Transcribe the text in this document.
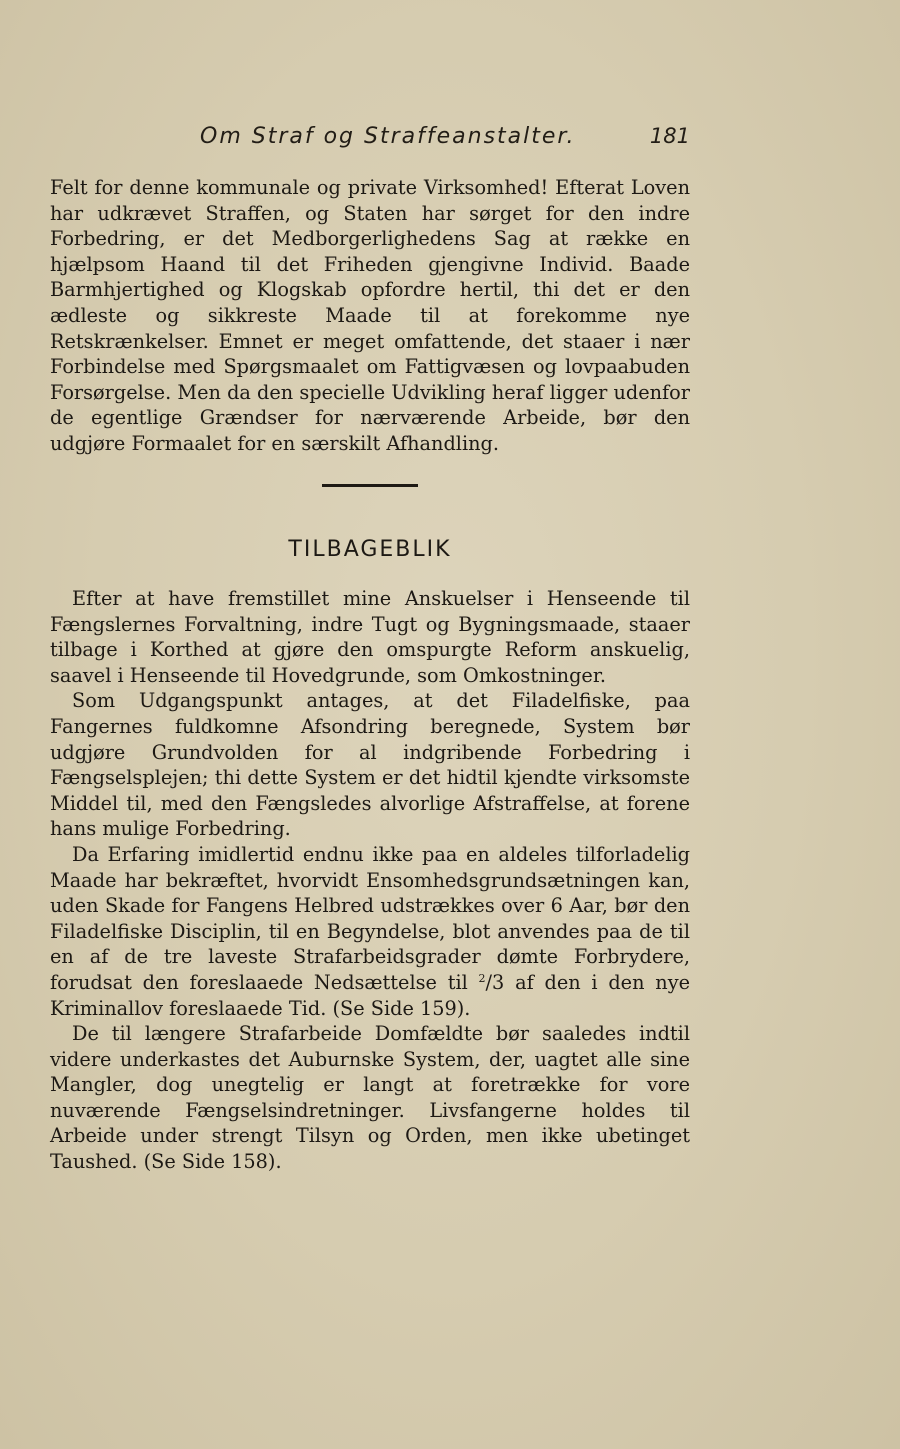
Om Straf og Straffeanstalter.	181

Felt for denne kommunale og private Virksomhed! Efterat Loven har udkrævet Straffen, og Staten har sørget for den indre Forbedring, er det Medborgerlighedens Sag at række en hjælpsom Haand til det Friheden gjengivne Individ. Baade Barmhjertighed og Klogskab opfordre hertil, thi det er den ædleste og sikkreste Maade til at forekomme nye Retskrænkelser. Emnet er meget omfattende, det staaer i nær Forbindelse med Spørgsmaalet om Fattigvæsen og lovpaabuden Forsørgelse. Men da den specielle Udvikling heraf ligger udenfor de egentlige Grændser for nærværende Arbeide, bør den udgjøre Formaalet for en særskilt Afhandling.

TILBAGEBLIK

Efter at have fremstillet mine Anskuelser i Henseende til Fængslernes Forvaltning, indre Tugt og Bygningsmaade, staaer tilbage i Korthed at gjøre den omspurgte Reform anskuelig, saavel i Henseende til Hovedgrunde, som Omkostninger.

Som Udgangspunkt antages, at det Filadelfiske, paa Fangernes fuldkomne Afsondring beregnede, System bør udgjøre Grundvolden for al indgribende Forbedring i Fængselsplejen; thi dette System er det hidtil kjendte virksomste Middel til, med den Fængsledes alvorlige Afstraffelse, at forene hans mulige Forbedring.

Da Erfaring imidlertid endnu ikke paa en aldeles tilforladelig Maade har bekræftet, hvorvidt Ensomhedsgrundsætningen kan, uden Skade for Fangens Helbred udstrækkes over 6 Aar, bør den Filadelfiske Disciplin, til en Begyndelse, blot anvendes paa de til en af de tre laveste Strafarbeidsgrader dømte Forbrydere, forudsat den foreslaaede Nedsættelse til $^2$/3 af den i den nye Kriminallov foreslaaede Tid. (Se Side 159).

De til længere Strafarbeide Domfældte bør saaledes indtil videre underkastes det Auburnske System, der, uagtet alle sine Mangler, dog unegtelig er langt at foretrække for vore nuværende Fængselsindretninger. Livsfangerne holdes til Arbeide under strengt Tilsyn og Orden, men ikke ubetinget Taushed. (Se Side 158).
